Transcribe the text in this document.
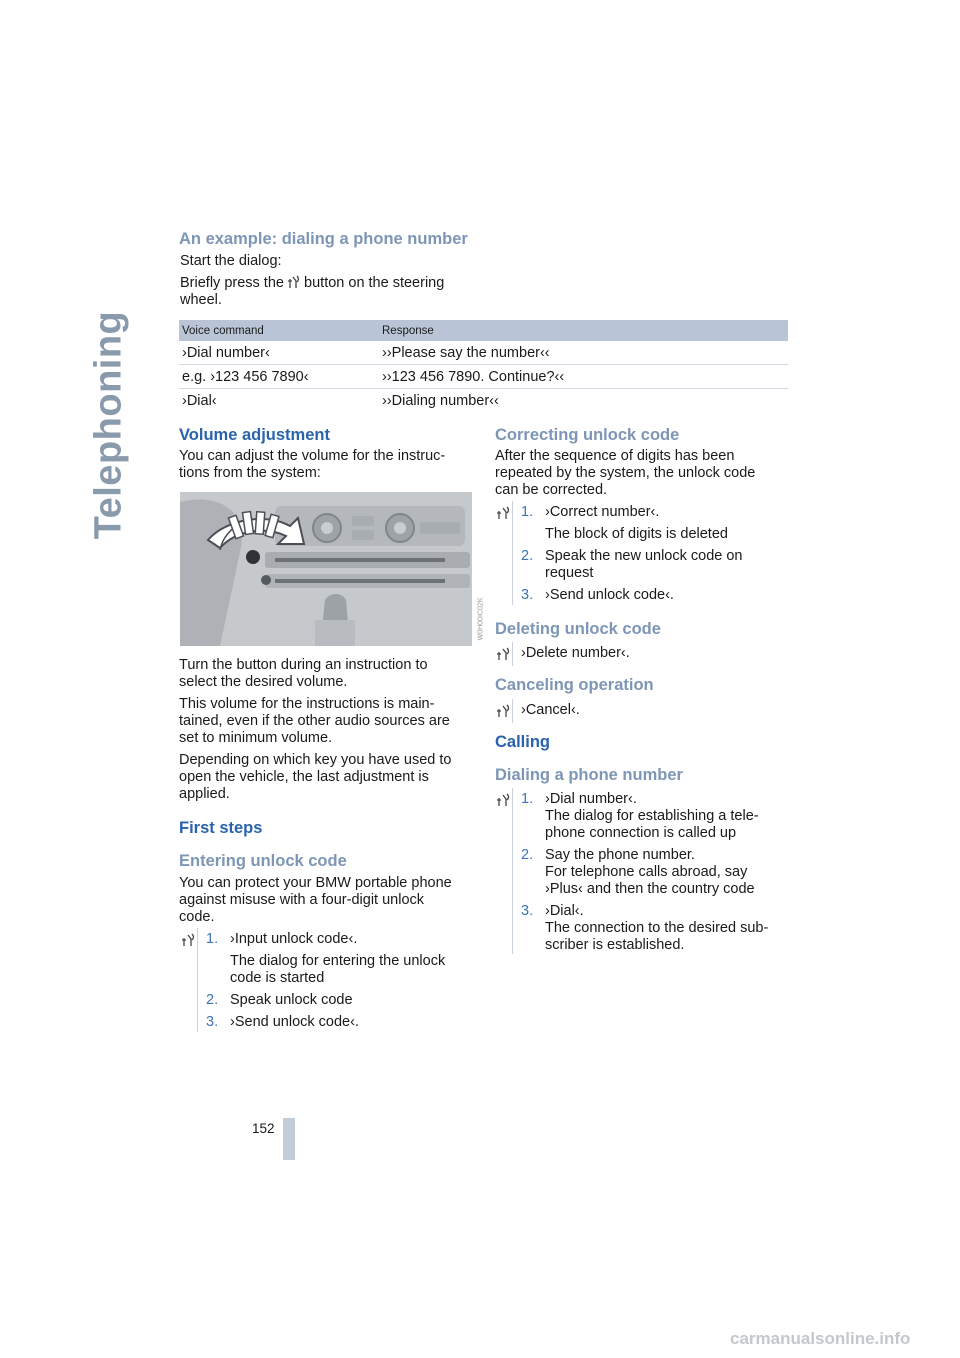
Telephoning
An example: dialing a phone number

Start the dialog:

Briefly press the button on the steering

wheel.

Voice command	Response
›Dial number‹	››Please say the number‹‹
e.g. ›123 456 7890‹	››123 456 7890. Continue?‹‹
›Dial‹	››Dialing number‹‹
Volume adjustment

You can adjust the volume for the instruc-

tions from the system:

W0H00IC02K

Turn the button during an instruction to

select the desired volume.

This volume for the instructions is main-

tained, even if the other audio sources are

set to minimum volume.

Depending on which key you have used to

open the vehicle, the last adjustment is

applied.

First steps
Entering unlock code

You can protect your BMW portable phone

against misuse with a four-digit unlock

code.

1. ›Input unlock code‹.

The dialog for entering the unlock

code is started

2. Speak unlock code
3. ›Send unlock code‹.
Correcting unlock code

After the sequence of digits has been

repeated by the system, the unlock code

can be corrected.

1. ›Correct number‹.

The block of digits is deleted

2. Speak the new unlock code on

request

3. ›Send unlock code‹.
Deleting unlock code

›Delete number‹.

Canceling operation

›Cancel‹.

Calling
Dialing a phone number
1. ›Dial number‹.

The dialog for establishing a tele-

phone connection is called up

2. Say the phone number.

For telephone calls abroad, say

›Plus‹ and then the country code

3. ›Dial‹.

The connection to the desired sub-

scriber is established.

152
carmanualsonline.info
